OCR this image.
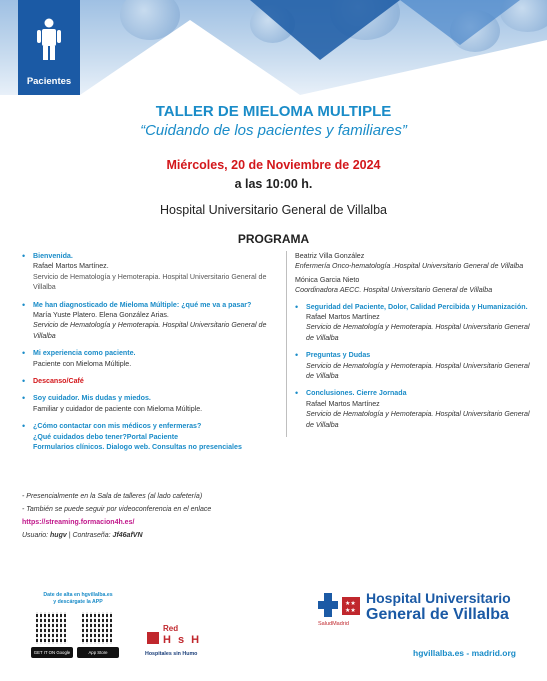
Pacientes
TALLER DE MIELOMA MULTIPLE
“Cuidando de los pacientes y familiares”
Miércoles, 20 de Noviembre de 2024
a las 10:00 h.
Hospital Universitario General de Villalba
PROGRAMA
• Bienvenida.
Rafael Martos Martínez.
Servicio de Hematología y Hemoterapia. Hospital Universitario General de Villalba
• Me han diagnosticado de Mieloma Múltiple: ¿qué me va a pasar?
María Yuste Platero. Elena González Arias.
Servicio de Hematología y Hemoterapia. Hospital Universitario General de Villalba
• Mi experiencia como paciente.
Paciente con Mieloma Múltiple.
• Descanso/Café
• Soy cuidador. Mis dudas y miedos.
Familiar y cuidador de paciente con Mieloma Múltiple.
• ¿Cómo contactar con mis médicos y enfermeras?
¿Qué cuidados debo tener?Portal Paciente
Formularios clínicos. Dialogo web. Consultas no presenciales
Beatriz Villa González
Enfermería Onco-hematología .Hospital Universitario General de Villalba
Mónica Garcia Nieto
Coordinadora AECC. Hospital Universitario General de Villalba
• Seguridad del Paciente, Dolor, Calidad Percibida y Humanización.
Rafael Martos Martínez
Servicio de Hematología y Hemoterapia. Hospital Universitario General de Villalba
• Preguntas y Dudas
Servicio de Hematología y Hemoterapia. Hospital Universitario General de Villalba
• Conclusiones. Cierre Jornada
Rafael Martos Martínez
Servicio de Hematología y Hemoterapia. Hospital Universitario General de Villalba
- Presencialmente en la Sala de talleres (al lado cafetería)
- También se puede seguir por videoconferencia en el enlace
https://streaming.formacion4h.es/
Usuario: hugv | Contraseña: Jf46afVN
Date de alta en hgvillalba.es
y descárgate la APP
GET IT ON Google Play
App Store
Red
H s H
Hospitales sin Humo
★★
★★
Hospital Universitario
General de Villalba
SaludMadrid
hgvillalba.es - madrid.org
